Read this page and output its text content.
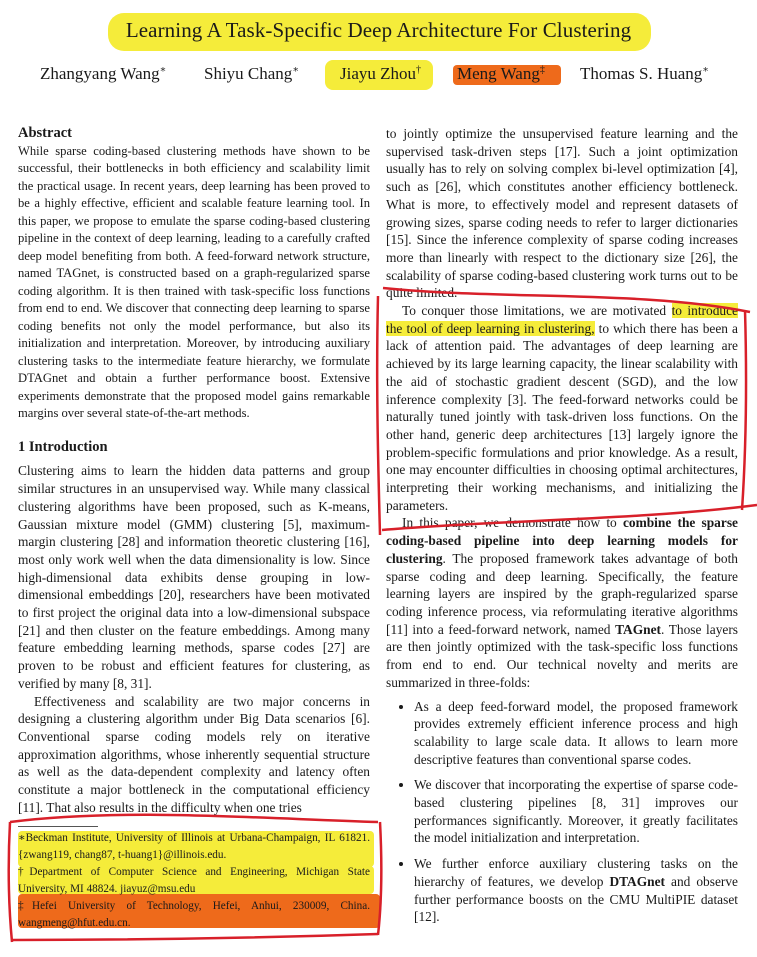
Learning A Task-Specific Deep Architecture For Clustering
Zhangyang Wang∗ Shiyu Chang∗ Jiayu Zhou† Meng Wang‡ Thomas S. Huang∗
Abstract

While sparse coding-based clustering methods have shown to be successful, their bottlenecks in both efficiency and scalability limit the practical usage. In recent years, deep learning has been proved to be a highly effective, efficient and scalable feature learning tool. In this paper, we propose to emulate the sparse coding-based clustering pipeline in the context of deep learning, leading to a carefully crafted deep model benefiting from both. A feed-forward network structure, named TAGnet, is constructed based on a graph-regularized sparse coding algorithm. It is then trained with task-specific loss functions from end to end. We discover that connecting deep learning to sparse coding benefits not only the model performance, but also its initialization and interpretation. Moreover, by introducing auxiliary clustering tasks to the intermediate feature hierarchy, we formulate DTAGnet and obtain a further performance boost. Extensive experiments demonstrate that the proposed model gains remarkable margins over several state-of-the-art methods.

1 Introduction

Clustering aims to learn the hidden data patterns and group similar structures in an unsupervised way. While many classical clustering algorithms have been proposed, such as K-means, Gaussian mixture model (GMM) clustering [5], maximum-margin clustering [28] and information theoretic clustering [16], most only work well when the data dimensionality is low. Since high-dimensional data exhibits dense grouping in low-dimensional embeddings [20], researchers have been motivated to first project the original data into a low-dimensional subspace [21] and then cluster on the feature embeddings. Among many feature embedding learning methods, sparse codes [27] are proven to be robust and efficient features for clustering, as verified by many [8, 31].

Effectiveness and scalability are two major concerns in designing a clustering algorithm under Big Data scenarios [6]. Conventional sparse coding models rely on iterative approximation algorithms, whose inherently sequential structure as well as the data-dependent complexity and latency often constitute a major bottleneck in the computational efficiency [11]. That also results in the difficulty when one tries

∗Beckman Institute, University of Illinois at Urbana-Champaign, IL 61821. {zwang119, chang87, t-huang1}@illinois.edu.
†Department of Computer Science and Engineering, Michigan State University, MI 48824. jiayuz@msu.edu
‡Hefei University of Technology, Hefei, Anhui, 230009, China. wangmeng@hfut.edu.cn.

to jointly optimize the unsupervised feature learning and the supervised task-driven steps [17]. Such a joint optimization usually has to rely on solving complex bi-level optimization [4], such as [26], which constitutes another efficiency bottleneck. What is more, to effectively model and represent datasets of growing sizes, sparse coding needs to refer to larger dictionaries [15]. Since the inference complexity of sparse coding increases more than linearly with respect to the dictionary size [26], the scalability of sparse coding-based clustering work turns out to be quite limited.

To conquer those limitations, we are motivated to introduce the tool of deep learning in clustering, to which there has been a lack of attention paid. The advantages of deep learning are achieved by its large learning capacity, the linear scalability with the aid of stochastic gradient descent (SGD), and the low inference complexity [3]. The feed-forward networks could be naturally tuned jointly with task-driven loss functions. On the other hand, generic deep architectures [13] largely ignore the problem-specific formulations and prior knowledge. As a result, one may encounter difficulties in choosing optimal architectures, interpreting their working mechanisms, and initializing the parameters.

In this paper, we demonstrate how to combine the sparse coding-based pipeline into deep learning models for clustering. The proposed framework takes advantage of both sparse coding and deep learning. Specifically, the feature learning layers are inspired by the graph-regularized sparse coding inference process, via reformulating iterative algorithms [11] into a feed-forward network, named TAGnet. Those layers are then jointly optimized with the task-specific loss functions from end to end. Our technical novelty and merits are summarized in three-folds:

• As a deep feed-forward model, the proposed framework provides extremely efficient inference process and high scalability to large scale data. It allows to learn more descriptive features than conventional sparse codes.
• We discover that incorporating the expertise of sparse code-based clustering pipelines [8, 31] improves our performances significantly. Moreover, it greatly facilitates the model initialization and interpretation.
• We further enforce auxiliary clustering tasks on the hierarchy of features, we develop DTAGnet and observe further performance boosts on the CMU MultiPIE dataset [12].
